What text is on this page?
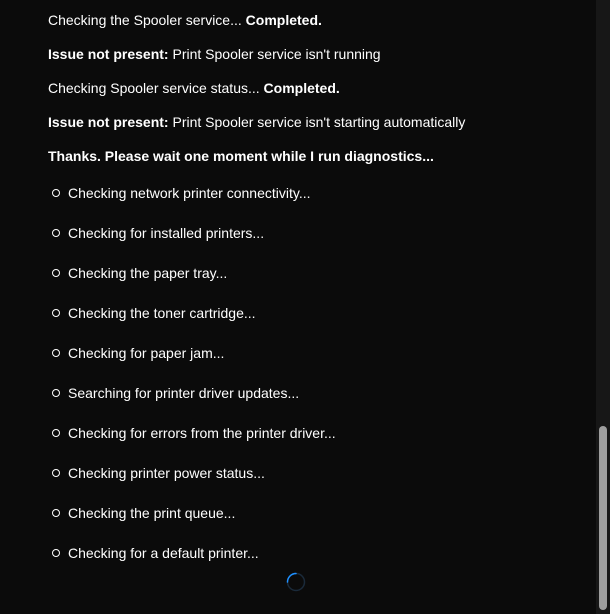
Checking the Spooler service... Completed.
Issue not present: Print Spooler service isn't running
Checking Spooler service status... Completed.
Issue not present: Print Spooler service isn't starting automatically
Thanks. Please wait one moment while I run diagnostics...
Checking network printer connectivity...
Checking for installed printers...
Checking the paper tray...
Checking the toner cartridge...
Checking for paper jam...
Searching for printer driver updates...
Checking for errors from the printer driver...
Checking printer power status...
Checking the print queue...
Checking for a default printer...
